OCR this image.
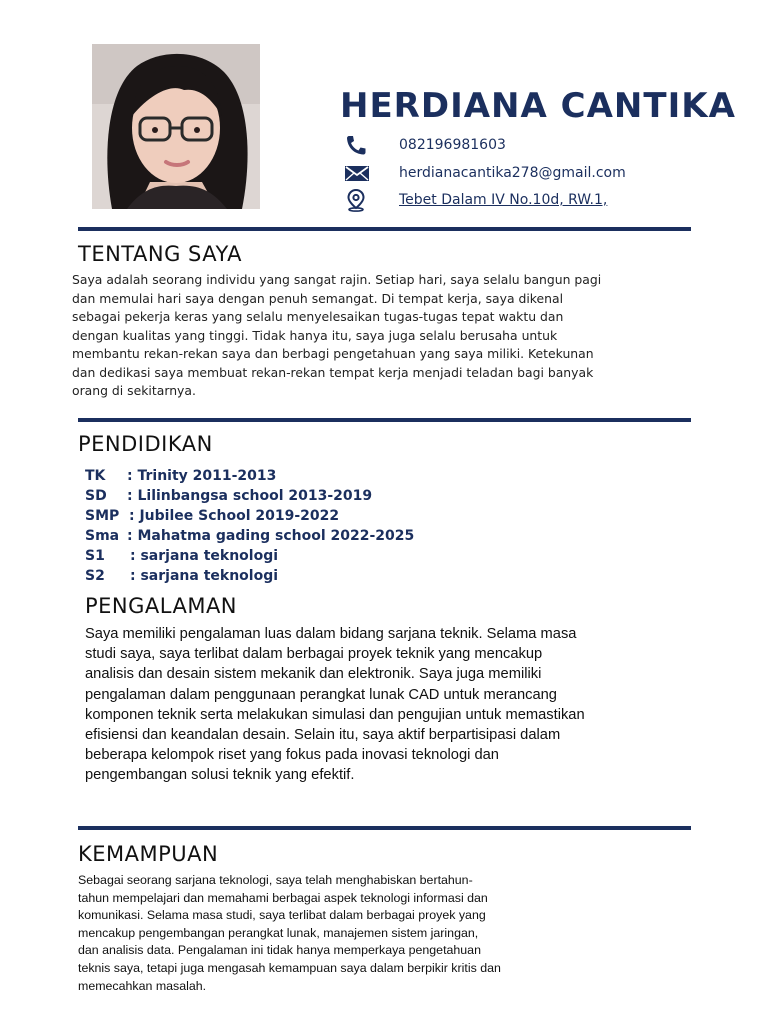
HERDIANA CANTIKA
082196981603
herdianacantika278@gmail.com
Tebet Dalam IV No.10d, RW.1,
TENTANG SAYA
Saya adalah seorang individu yang sangat rajin. Setiap hari, saya selalu bangun pagi
dan memulai hari saya dengan penuh semangat. Di tempat kerja, saya dikenal
sebagai pekerja keras yang selalu menyelesaikan tugas-tugas tepat waktu dan
dengan kualitas yang tinggi. Tidak hanya itu, saya juga selalu berusaha untuk
membantu rekan-rekan saya dan berbagi pengetahuan yang saya miliki. Ketekunan
dan dedikasi saya membuat rekan-rekan tempat kerja menjadi teladan bagi banyak
orang di sekitarnya.
PENDIDIKAN
TK : Trinity 2011-2013
SD : Lilinbangsa school 2013-2019
SMP : Jubilee School 2019-2022
Sma : Mahatma gading school 2022-2025
S1 : sarjana teknologi
S2 : sarjana teknologi
PENGALAMAN
Saya memiliki pengalaman luas dalam bidang sarjana teknik. Selama masa
studi saya, saya terlibat dalam berbagai proyek teknik yang mencakup
analisis dan desain sistem mekanik dan elektronik. Saya juga memiliki
pengalaman dalam penggunaan perangkat lunak CAD untuk merancang
komponen teknik serta melakukan simulasi dan pengujian untuk memastikan
efisiensi dan keandalan desain. Selain itu, saya aktif berpartisipasi dalam
beberapa kelompok riset yang fokus pada inovasi teknologi dan
pengembangan solusi teknik yang efektif.
KEMAMPUAN
Sebagai seorang sarjana teknologi, saya telah menghabiskan bertahun-
tahun mempelajari dan memahami berbagai aspek teknologi informasi dan
komunikasi. Selama masa studi, saya terlibat dalam berbagai proyek yang
mencakup pengembangan perangkat lunak, manajemen sistem jaringan,
dan analisis data. Pengalaman ini tidak hanya memperkaya pengetahuan
teknis saya, tetapi juga mengasah kemampuan saya dalam berpikir kritis dan
memecahkan masalah.
